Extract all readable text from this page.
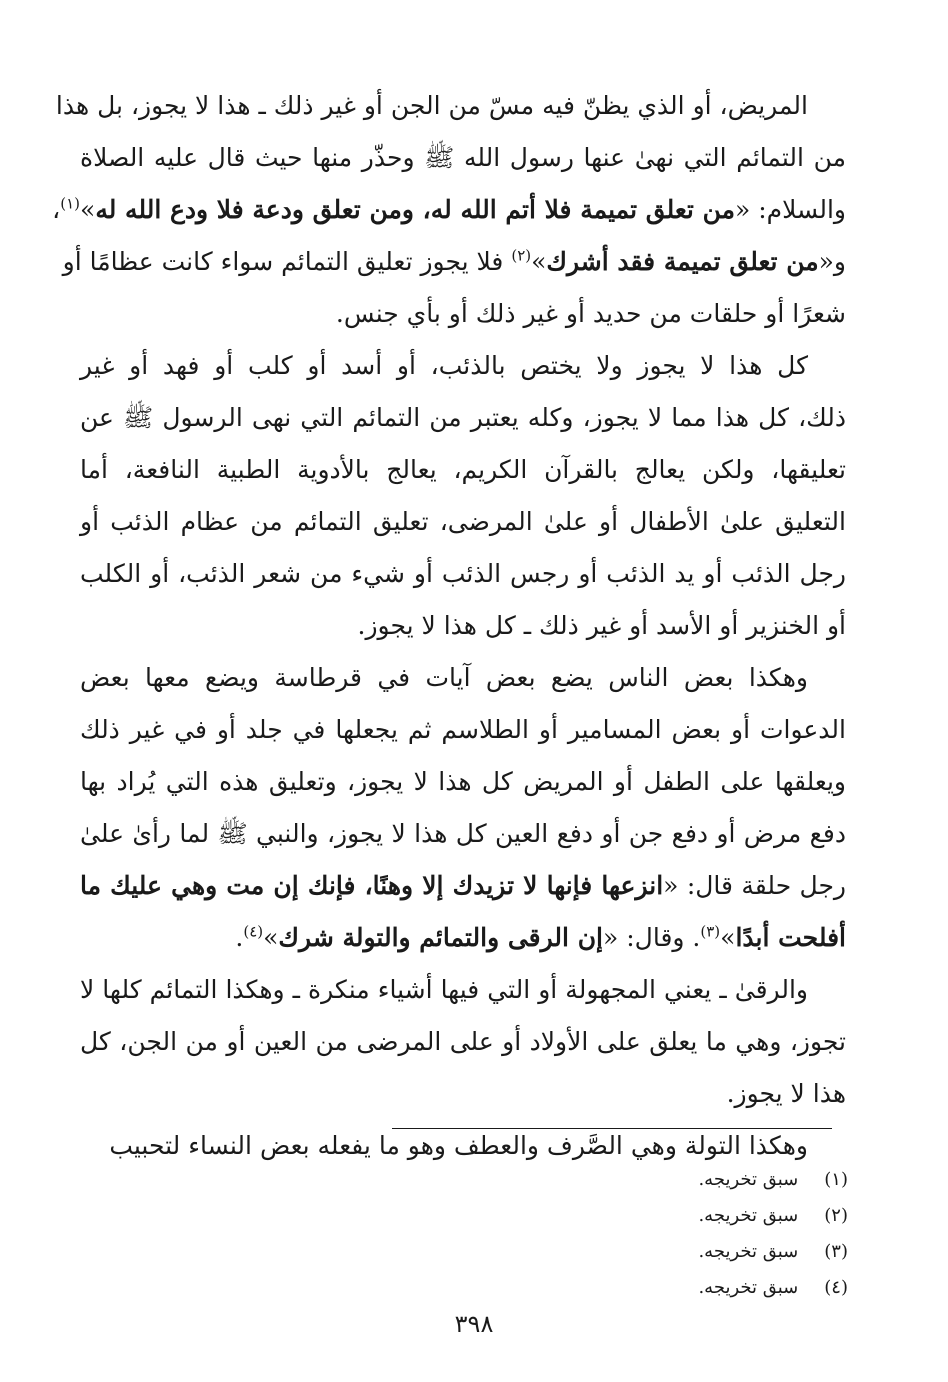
المريض، أو الذي يظنّ فيه مسّ من الجن أو غير ذلك ـ هذا لا يجوز، بل هذا
من التمائم التي نهىٰ عنها رسول الله ﷺ وحذّر منها حيث قال عليه الصلاة
والسلام: «من تعلق تميمة فلا أتم الله له، ومن تعلق ودعة فلا ودع الله له»$^{(١)}$،
و«من تعلق تميمة فقد أشرك»$^{(٢)}$ فلا يجوز تعليق التمائم سواء كانت عظامًا أو
شعرًا أو حلقات من حديد أو غير ذلك أو بأي جنس.
كل هذا لا يجوز ولا يختص بالذئب، أو أسد أو كلب أو فهد أو غير
ذلك، كل هذا مما لا يجوز، وكله يعتبر من التمائم التي نهى الرسول ﷺ عن
تعليقها، ولكن يعالج بالقرآن الكريم، يعالج بالأدوية الطبية النافعة، أما
التعليق علىٰ الأطفال أو علىٰ المرضى، تعليق التمائم من عظام الذئب أو
رجل الذئب أو يد الذئب أو رجس الذئب أو شيء من شعر الذئب، أو الكلب
أو الخنزير أو الأسد أو غير ذلك ـ كل هذا لا يجوز.
وهكذا بعض الناس يضع بعض آيات في قرطاسة ويضع معها بعض
الدعوات أو بعض المسامير أو الطلاسم ثم يجعلها في جلد أو في غير ذلك
ويعلقها على الطفل أو المريض كل هذا لا يجوز، وتعليق هذه التي يُراد بها
دفع مرض أو دفع جن أو دفع العين كل هذا لا يجوز، والنبي ﷺ لما رأىٰ علىٰ
رجل حلقة قال: «انزعها فإنها لا تزيدك إلا وهنًا، فإنك إن مت وهي عليك ما
أفلحت أبدًا»$^{(٣)}$. وقال: «إن الرقى والتمائم والتولة شرك»$^{(٤)}$.
والرقىٰ ـ يعني المجهولة أو التي فيها أشياء منكرة ـ وهكذا التمائم كلها لا
تجوز، وهي ما يعلق على الأولاد أو على المرضى من العين أو من الجن، كل
هذا لا يجوز.
وهكذا التولة وهي الصَّرف والعطف وهو ما يفعله بعض النساء لتحبيب
(١) سبق تخريجه.
(٢) سبق تخريجه.
(٣) سبق تخريجه.
(٤) سبق تخريجه.
٣٩٨
